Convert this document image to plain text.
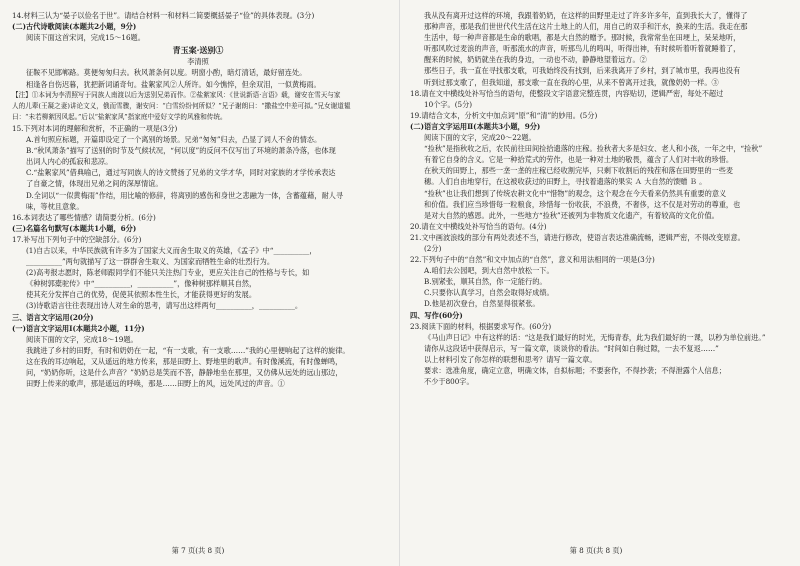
14.材料三认为“晏子以俭名于世”。请结合材料一和材料二简要概括晏子“俭”的具体表现。(3分)
(二)古代诗歌阅读(本题共2小题，9分)
阅读下面这首宋词，完成15～16题。
青玉案·送别①
李清照
征鞍不见邯郸路。莫便匆匆归去。秋风萧条何以度。明窗小酌，暗灯清话，最好留连处。
相逢各自伤迟暮，犹把新词诵奇句。盐絮家风②人所许。如今憔悴，但余双泪，一似黄梅雨。
【注】①本词为李清照写于同族人南渡以后为送别兄弟而作。②盐絮家风：《世说新语·言语》载，谢安在雪天与家
人的儿辈(王凝之妻)讲论文义，俄而雪骤，谢安问：“白雪纷纷何所似？”兄子谢朗曰：“撒盐空中差可拟。”兄女谢道韫
曰：“未若柳絮因风起。”后以“盐絮家风”指家庭中爱好文学的风雅和传统。
15.下列对本词的理解和赏析，不正确的一项是(3分)
A.首句照应标题，开篇即设定了一个离别的场景。兄弟“匆匆”归去，凸显了词人不舍的情态。
B.“秋风萧条”描写了送别的时节及气候状况，“何以度”的反问不仅写出了环境的萧条冷落，也体现
出词人内心的孤寂和悲凉。
C.“盐絮家风”借典喻己，通过写同族人的诗文赞扬了兄弟的文学才华，同时对家族的才学传承表达
了自豪之情，体现出兄弟之间的深厚情谊。
D.全词以“一似黄梅雨”作结，用比喻的修辞，将离别的感伤和身世之悲融为一体，含蓄蕴藉，耐人寻
味，等枕且意象。
16.本词表达了哪些情感？请简要分析。(6分)
(三)名篇名句默写(本题共1小题，6分)
17.补写出下列句子中的空缺部分。(6分)
(1)自古以来，中华民族就有许多为了国家大义而舍生取义的英雄，《孟子》中“__________，
__________”两句就描写了这一群群舍生取义、为国家而牺牲生命的壮烈行为。
(2)高考报志愿时，陈老师跟同学们不能只关注热门专业，更应关注自己的性格与专长，如
《种树郭橐驼传》中“__________，__________”，像种树那样顺其自然，
使其充分发挥自己的优势，促使其依照本性生长，才能获得更好的发展。
(3)诗歌语言往往表现出诗人对生命的思考，请写出这样两句__________，__________。
三、语言文字运用(20分)
(一)语言文字运用Ⅰ(本题共2小题，11分)
阅读下面的文字，完成18～19题。
我跳进了乡村的田野，有时和奶奶在一起，“有一支歌，有一支歌……”我的心里便响起了这样的旋律。
这在我的耳边响起，又从遥远的地方传来，那是田野上、野地里的歌声。有时像溪流，有时像蝉鸣，
问，“奶奶你听，这是什么声音？”奶奶总是笑而不答，静静地坐在那里，又仿佛从远处的远山那边，
田野上传来的歌声，那是遥远的呼唤，那是……田野上的风，远处风过的声音。①
第 7 页(共 8 页)
我从没有离开过这样的环境，我跟着奶奶，在这样的田野里走过了许多许多年，直到我长大了，懂得了
那种声音，那是我们世世代代生活在这片土地上的人们，用自己的双手和汗水，换来的生活。我走在那
生活中，每一种声音都是生命的歌唱，都是大自然的赠予。那时候，我常常坐在田埂上，呆呆地听，
听那风吹过麦浪的声音，听那流水的声音，听那鸟儿的鸣叫，听得出神，有时候听着听着就睡着了，
醒来的时候，奶奶就坐在我的身边，一动也不动，静静地望着远方。②
那些日子，我一直在寻找那支歌，可我始终没有找到，后来我离开了乡村，到了城市里，我再也没有
听到过那支歌了，但我知道，那支歌一直在我的心里，从来不曾离开过我，就像奶奶一样。③
18.请在文中横线处补写恰当的语句，使整段文字语意完整连贯，内容贴切，逻辑严密，每处不超过
10个字。(5分)
19.请结合文本，分析文中加点词“原”和“清”的妙用。(5分)
(二)语言文字运用Ⅱ(本题共3小题，9分)
阅读下面的文字，完成20～22题。
“捡秋”是指秋收之后，农民前往田间捡拾遗落的庄稼。捡秋者大多是妇女、老人和小孩，一年之中，“捡秋”
有着它自身的含义。它是一种拾荒式的劳作，也是一种对土地的敬畏，蕴含了人们对丰收的珍惜。
在秋天的田野上，那些一垄一垄的庄稼已经收割完毕，只剩下收割后的残茬和落在田野里的一些麦
穗。人们自由地穿行，在这被收获过的田野上，寻找着遗落的果实 Ａ 大自然的馈赠 Ｂ 。
“捡秋”也让我们想到了传统农耕文化中“惜物”的观念，这个观念在今天看来仍然具有重要的意义
和价值。我们应当珍惜每一粒粮食，珍惜每一份收获，不浪费，不奢侈，这不仅是对劳动的尊重，也
是对大自然的感恩。此外，一些地方“捡秋”还被列为非物质文化遗产，有着较高的文化价值。
20.请在文中横线处补写恰当的语句。(4分)
21.文中画波浪线的部分有两处表述不当，请进行修改，使语言表达准确流畅，逻辑严密，不得改变原意。
(2分)
22.下列句子中的“自然”和文中加点的“自然”，意义和用法相同的一项是(3分)
A.咱们去公园吧，到大自然中放松一下。
B.别紧张，顺其自然，你一定能行的。
C.只要你认真学习，自然会取得好成绩。
D.他是初次登台，自然显得很紧张。
四、写作(60分)
23.阅读下面的材料，根据要求写作。(60分)
《马山声日记》中有这样的话：“这是我们最好的时光，无悔青春，此为我们最好的一课，以秒为单位前进。”
请你从这段话中获得启示，写一篇文章，谈谈你的看法。“时间如白驹过隙，一去不复返……”
以上材料引发了你怎样的联想和思考？请写一篇文章。
要求：选准角度，确定立意，明确文体，自拟标题；不要套作，不得抄袭；不得泄露个人信息；
不少于800字。
第 8 页(共 8 页)
